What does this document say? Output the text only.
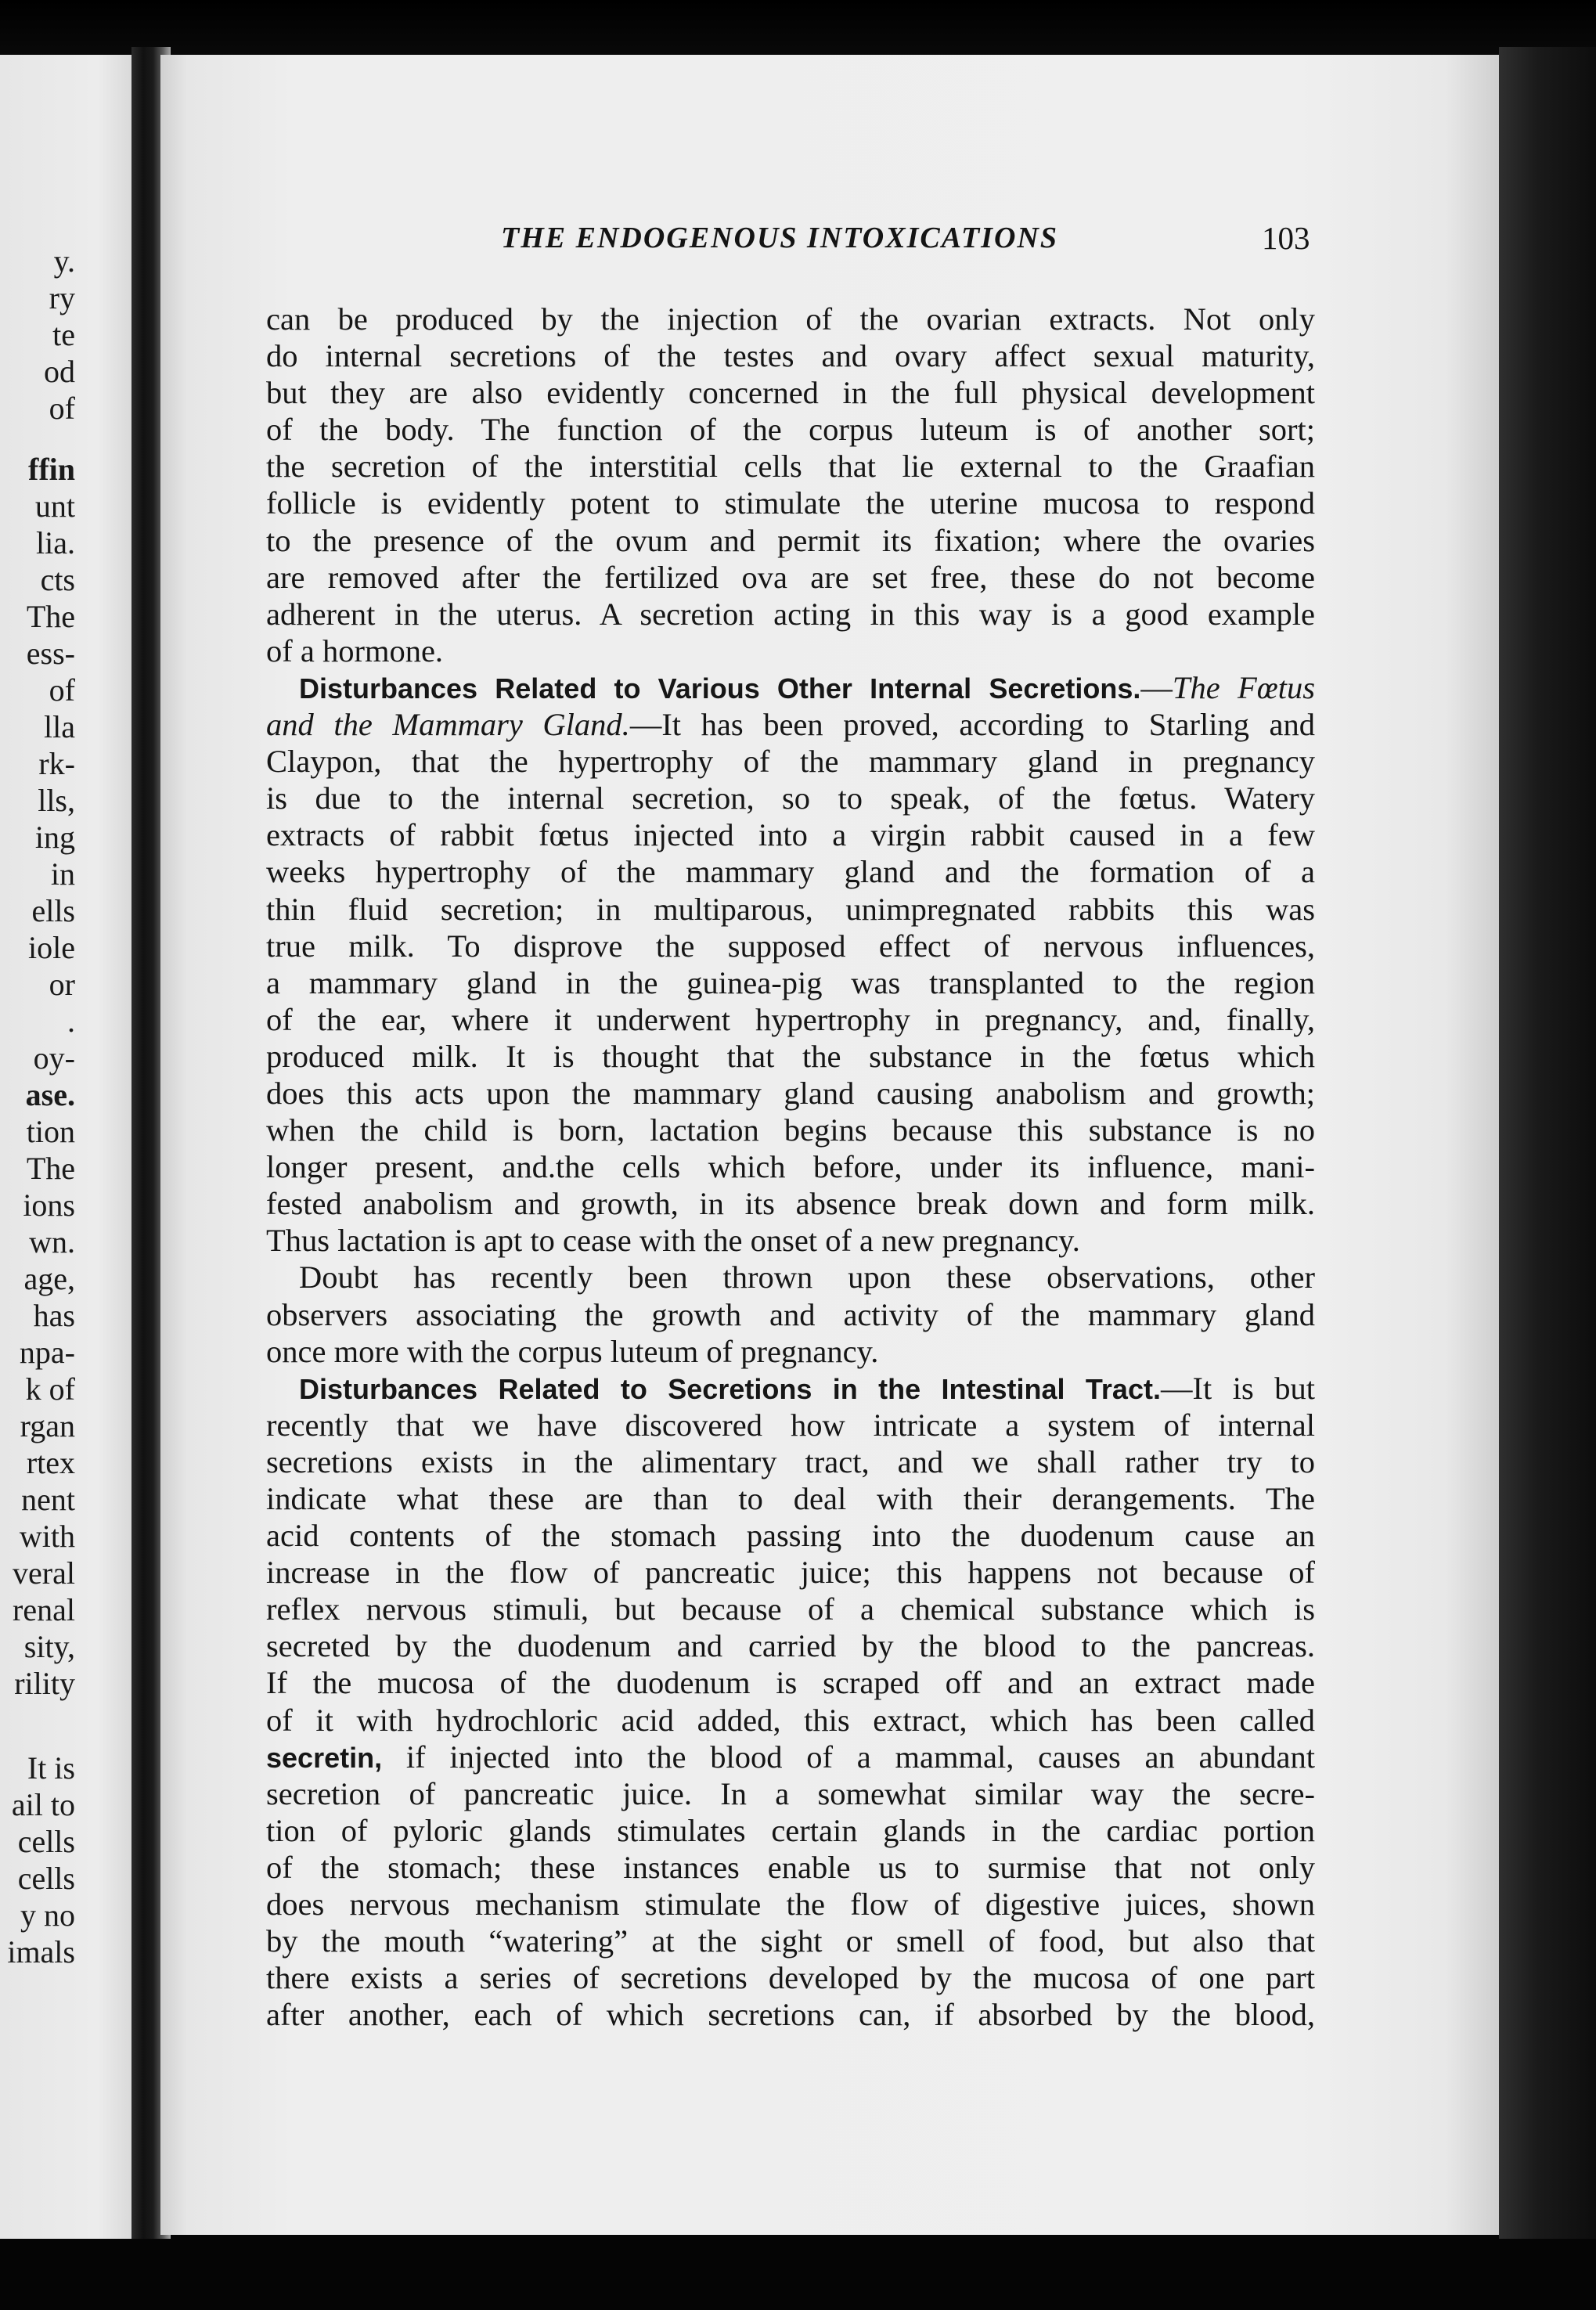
y.
ry
te
od
of
ffin
unt
lia.
cts
The
ess-
of
lla
rk-
lls,
ing
in
ells
iole
or
.
oy-
ase.
tion
The
ions
wn.
age,
has
npa-
k of
rgan
rtex
nent
with
veral
renal
sity,
rility
It is
ail to
cells
cells
y no
imals
THE ENDOGENOUS INTOXICATIONS	103
can be produced by the injection of the ovarian extracts. Not only
do internal secretions of the testes and ovary affect sexual maturity,
but they are also evidently concerned in the full physical development
of the body. The function of the corpus luteum is of another sort;
the secretion of the interstitial cells that lie external to the Graafian
follicle is evidently potent to stimulate the uterine mucosa to respond
to the presence of the ovum and permit its fixation; where the ovaries
are removed after the fertilized ova are set free, these do not become
adherent in the uterus. A secretion acting in this way is a good example
of a hormone.
Disturbances Related to Various Other Internal Secretions.—The Fœtus
and the Mammary Gland.—It has been proved, according to Starling and
Claypon, that the hypertrophy of the mammary gland in pregnancy
is due to the internal secretion, so to speak, of the fœtus. Watery
extracts of rabbit fœtus injected into a virgin rabbit caused in a few
weeks hypertrophy of the mammary gland and the formation of a
thin fluid secretion; in multiparous, unimpregnated rabbits this was
true milk. To disprove the supposed effect of nervous influences,
a mammary gland in the guinea-pig was transplanted to the region
of the ear, where it underwent hypertrophy in pregnancy, and, finally,
produced milk. It is thought that the substance in the fœtus which
does this acts upon the mammary gland causing anabolism and growth;
when the child is born, lactation begins because this substance is no
longer present, and.the cells which before, under its influence, mani-
fested anabolism and growth, in its absence break down and form milk.
Thus lactation is apt to cease with the onset of a new pregnancy.
Doubt has recently been thrown upon these observations, other
observers associating the growth and activity of the mammary gland
once more with the corpus luteum of pregnancy.
Disturbances Related to Secretions in the Intestinal Tract.—It is but
recently that we have discovered how intricate a system of internal
secretions exists in the alimentary tract, and we shall rather try to
indicate what these are than to deal with their derangements. The
acid contents of the stomach passing into the duodenum cause an
increase in the flow of pancreatic juice; this happens not because of
reflex nervous stimuli, but because of a chemical substance which is
secreted by the duodenum and carried by the blood to the pancreas.
If the mucosa of the duodenum is scraped off and an extract made
of it with hydrochloric acid added, this extract, which has been called
secretin, if injected into the blood of a mammal, causes an abundant
secretion of pancreatic juice. In a somewhat similar way the secre-
tion of pyloric glands stimulates certain glands in the cardiac portion
of the stomach; these instances enable us to surmise that not only
does nervous mechanism stimulate the flow of digestive juices, shown
by the mouth “watering” at the sight or smell of food, but also that
there exists a series of secretions developed by the mucosa of one part
after another, each of which secretions can, if absorbed by the blood,
